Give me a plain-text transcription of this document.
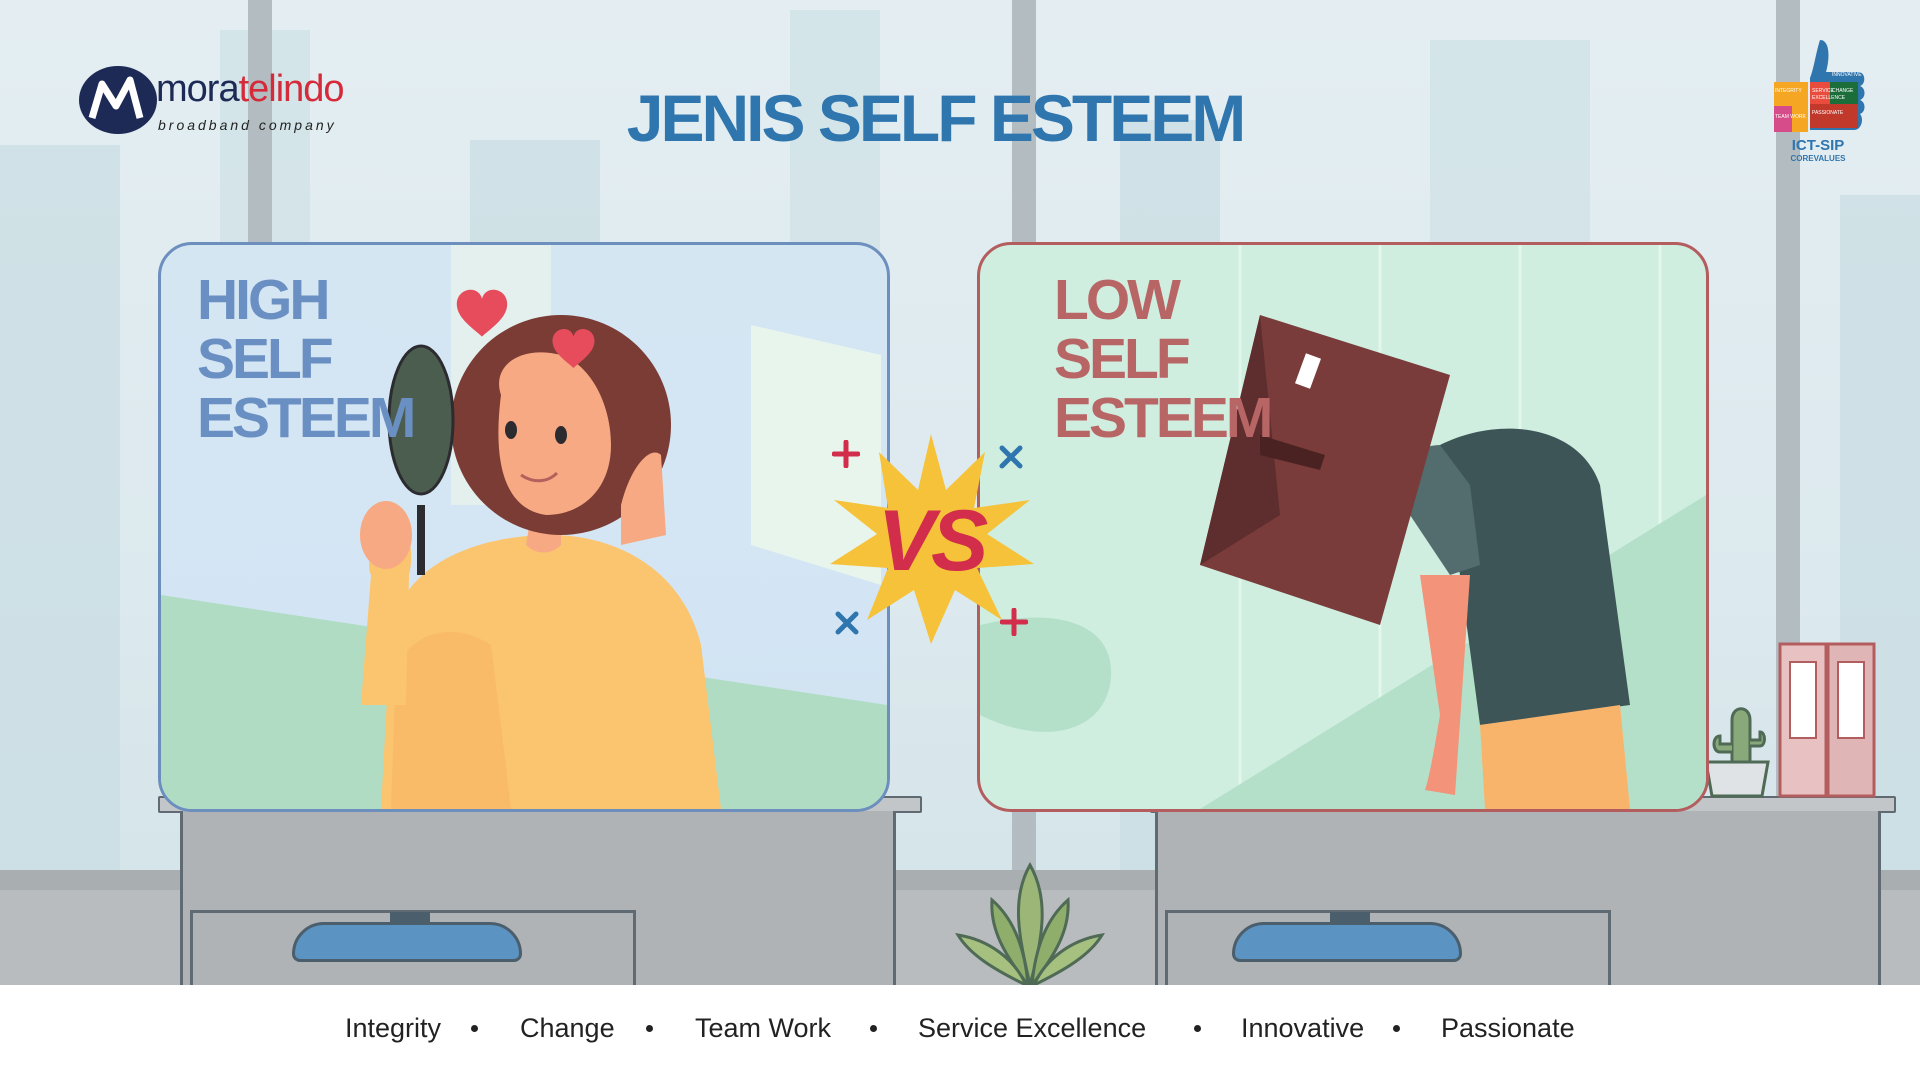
HIGH
SELF
ESTEEM
LOW
SELF
ESTEEM
VS
moratelindo
broadband company	JENIS SELF ESTEEM
INNOVATIVE
SERVICE
EXCELLENCE
PASSIONATE
INTEGRITY	CHANGE
TEAM WORK
ICT-SIP
COREVALUES
Integrity	Change	Team Work	Service Excellence	Innovative	Passionate
